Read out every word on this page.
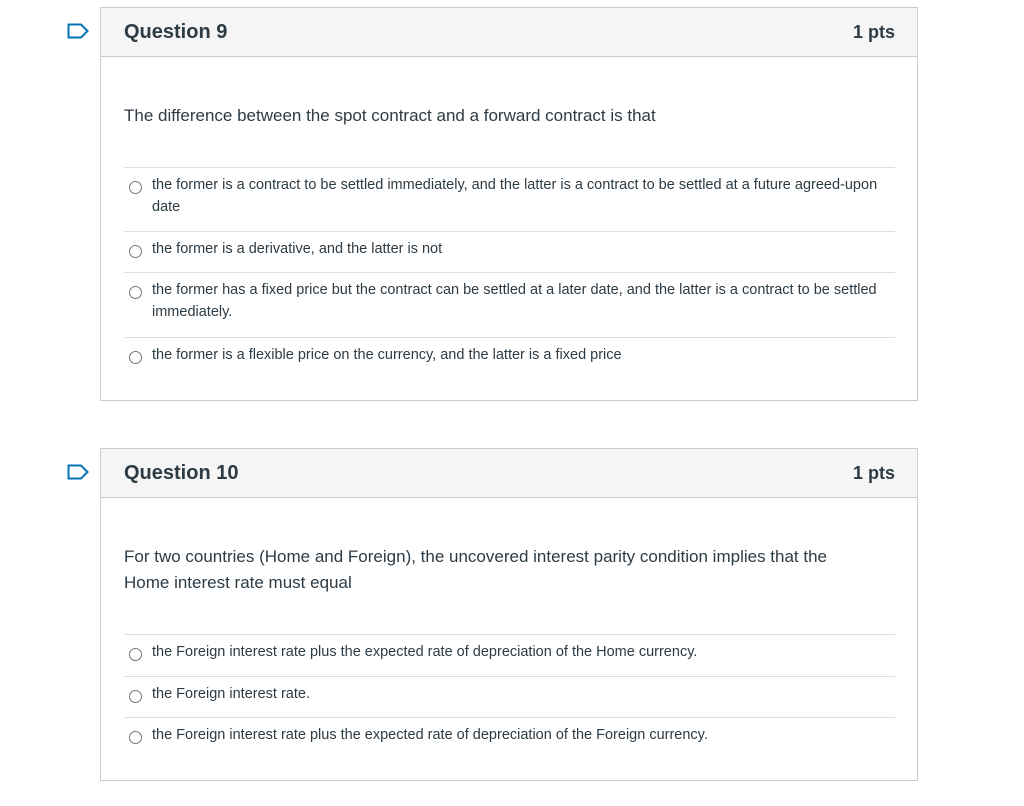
Question 9	1 pts
The difference between the spot contract and a forward contract is that
the former is a contract to be settled immediately, and the latter is a contract to be settled at a future agreed-upon date
the former is a derivative, and the latter is not
the former has a fixed price but the contract can be settled at a later date, and the latter is a contract to be settled immediately.
the former is a flexible price on the currency, and the latter is a fixed price
Question 10	1 pts
For two countries (Home and Foreign), the uncovered interest parity condition implies that the Home interest rate must equal
the Foreign interest rate plus the expected rate of depreciation of the Home currency.
the Foreign interest rate.
the Foreign interest rate plus the expected rate of depreciation of the Foreign currency.
